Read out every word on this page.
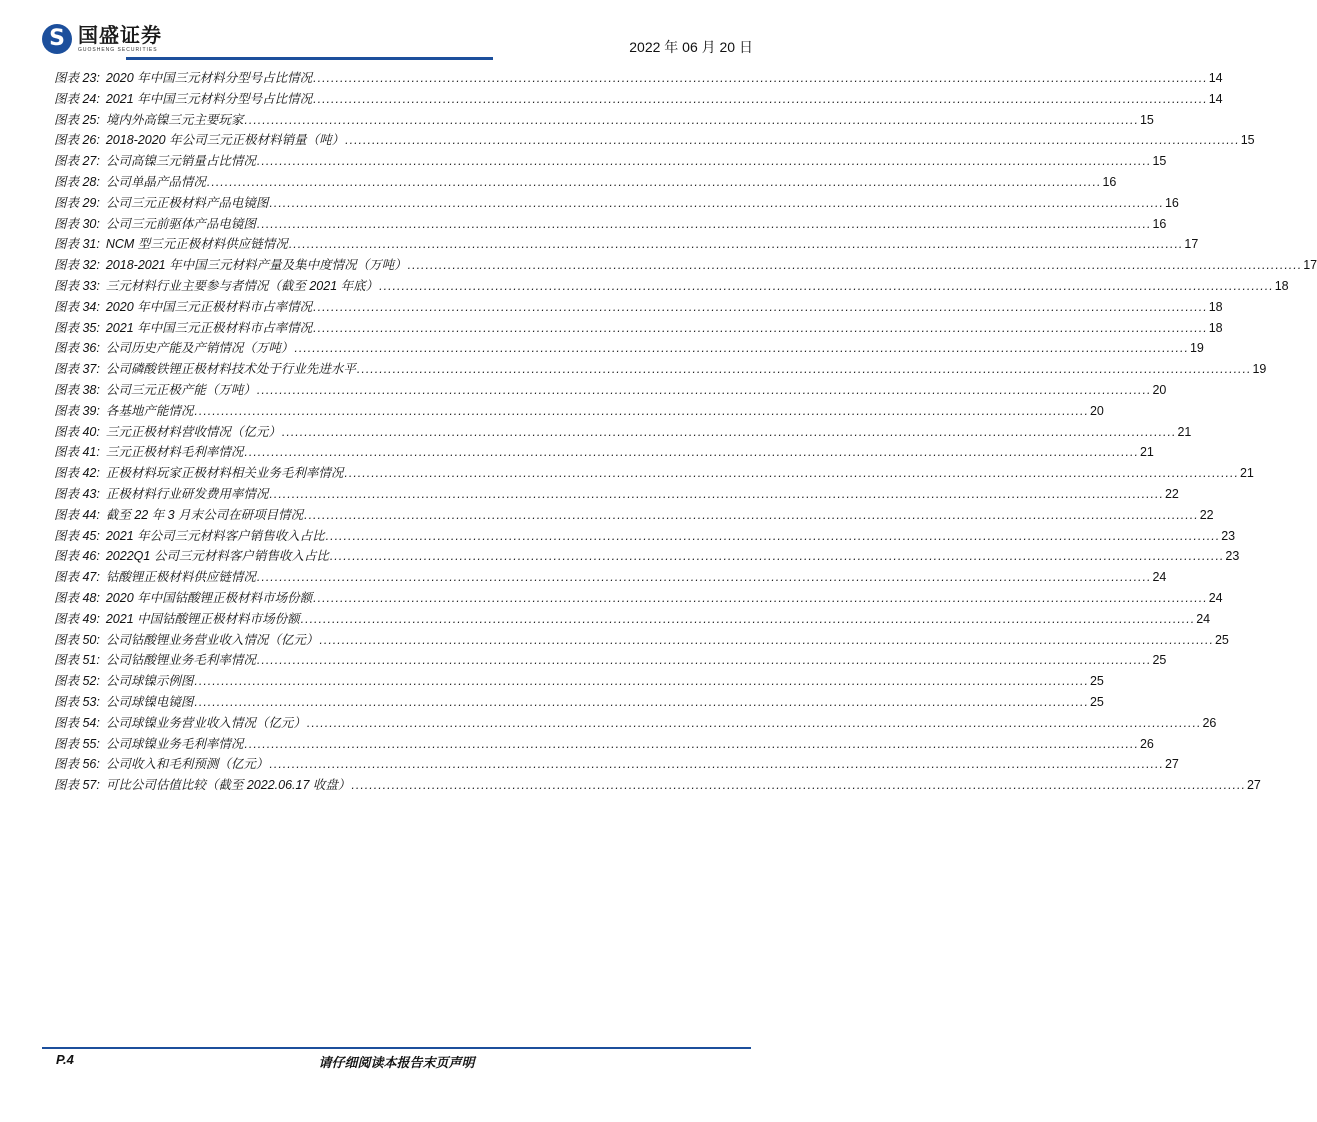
S
国盛证券
GUOSHENG SECURITIES	2022 年 06 月 20 日
图表 23: 2020 年中国三元材料分型号占比情况 ........................................................................................................................................................................................................ 14
图表 24: 2021 年中国三元材料分型号占比情况 ........................................................................................................................................................................................................ 14
图表 25: 境内外高镍三元主要玩家 ........................................................................................................................................................................................................ 15
图表 26: 2018-2020 年公司三元正极材料销量（吨） ........................................................................................................................................................................................................ 15
图表 27: 公司高镍三元销量占比情况 ........................................................................................................................................................................................................ 15
图表 28: 公司单晶产品情况 ........................................................................................................................................................................................................ 16
图表 29: 公司三元正极材料产品电镜图 ........................................................................................................................................................................................................ 16
图表 30: 公司三元前驱体产品电镜图 ........................................................................................................................................................................................................ 16
图表 31: NCM 型三元正极材料供应链情况 ........................................................................................................................................................................................................ 17
图表 32: 2018-2021 年中国三元材料产量及集中度情况（万吨） ........................................................................................................................................................................................................ 17
图表 33: 三元材料行业主要参与者情况（截至 2021 年底） ........................................................................................................................................................................................................ 18
图表 34: 2020 年中国三元正极材料市占率情况 ........................................................................................................................................................................................................ 18
图表 35: 2021 年中国三元正极材料市占率情况 ........................................................................................................................................................................................................ 18
图表 36: 公司历史产能及产销情况（万吨） ........................................................................................................................................................................................................ 19
图表 37: 公司磷酸铁锂正极材料技术处于行业先进水平 ........................................................................................................................................................................................................ 19
图表 38: 公司三元正极产能（万吨） ........................................................................................................................................................................................................ 20
图表 39: 各基地产能情况 ........................................................................................................................................................................................................ 20
图表 40: 三元正极材料营收情况（亿元） ........................................................................................................................................................................................................ 21
图表 41: 三元正极材料毛利率情况 ........................................................................................................................................................................................................ 21
图表 42: 正极材料玩家正极材料相关业务毛利率情况 ........................................................................................................................................................................................................ 21
图表 43: 正极材料行业研发费用率情况 ........................................................................................................................................................................................................ 22
图表 44: 截至 22 年 3 月末公司在研项目情况 ........................................................................................................................................................................................................ 22
图表 45: 2021 年公司三元材料客户销售收入占比 ........................................................................................................................................................................................................ 23
图表 46: 2022Q1 公司三元材料客户销售收入占比 ........................................................................................................................................................................................................ 23
图表 47: 钴酸锂正极材料供应链情况 ........................................................................................................................................................................................................ 24
图表 48: 2020 年中国钴酸锂正极材料市场份额 ........................................................................................................................................................................................................ 24
图表 49: 2021 中国钴酸锂正极材料市场份额 ........................................................................................................................................................................................................ 24
图表 50: 公司钴酸锂业务营业收入情况（亿元） ........................................................................................................................................................................................................ 25
图表 51: 公司钴酸锂业务毛利率情况 ........................................................................................................................................................................................................ 25
图表 52: 公司球镍示例图 ........................................................................................................................................................................................................ 25
图表 53: 公司球镍电镜图 ........................................................................................................................................................................................................ 25
图表 54: 公司球镍业务营业收入情况（亿元） ........................................................................................................................................................................................................ 26
图表 55: 公司球镍业务毛利率情况 ........................................................................................................................................................................................................ 26
图表 56: 公司收入和毛利预测（亿元） ........................................................................................................................................................................................................ 27
图表 57: 可比公司估值比较（截至 2022.06.17 收盘） ........................................................................................................................................................................................................ 27
P.4	请仔细阅读本报告末页声明
